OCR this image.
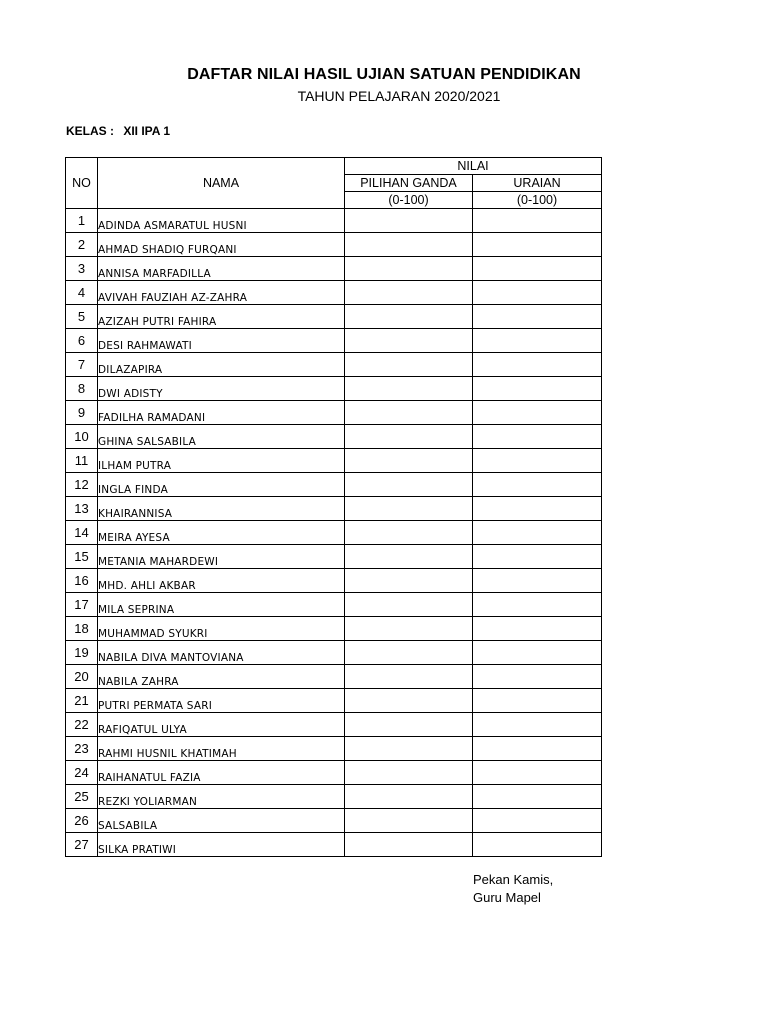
DAFTAR NILAI HASIL UJIAN SATUAN PENDIDIKAN
TAHUN PELAJARAN 2020/2021
KELAS : XII IPA 1
NO	NAMA	NILAI	
		PILIHAN GANDA	URAIAN
		(0-100)	(0-100)
1	ADINDA ASMARATUL HUSNI		
2	AHMAD SHADIQ FURQANI		
3	ANNISA MARFADILLA		
4	AVIVAH FAUZIAH AZ-ZAHRA		
5	AZIZAH PUTRI FAHIRA		
6	DESI RAHMAWATI		
7	DILAZAPIRA		
8	DWI ADISTY		
9	FADILHA RAMADANI		
10	GHINA SALSABILA		
11	ILHAM PUTRA		
12	INGLA FINDA		
13	KHAIRANNISA		
14	MEIRA AYESA		
15	METANIA MAHARDEWI		
16	MHD. AHLI AKBAR		
17	MILA SEPRINA		
18	MUHAMMAD SYUKRI		
19	NABILA DIVA MANTOVIANA		
20	NABILA ZAHRA		
21	PUTRI PERMATA SARI		
22	RAFIQATUL ULYA		
23	RAHMI HUSNIL KHATIMAH		
24	RAIHANATUL FAZIA		
25	REZKI YOLIARMAN		
26	SALSABILA		
27	SILKA PRATIWI		
Pekan Kamis,
Guru Mapel
